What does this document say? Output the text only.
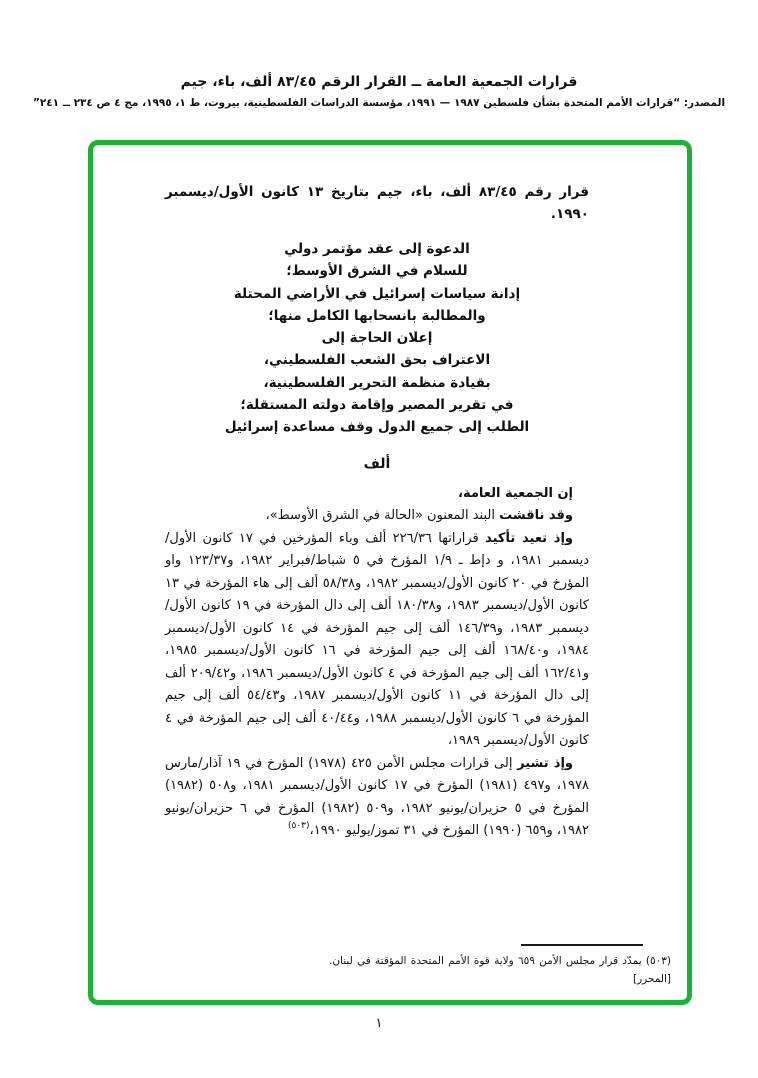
قرارات الجمعية العامة ــ القرار الرقم ٨٣/٤٥ ألف، باء، جيم
المصدر: “قرارات الأمم المتحدة بشأن فلسطين ١٩٨٧ — ١٩٩١، مؤسسة الدراسات الفلسطينية، بيروت، ط ١، ١٩٩٥، مج ٤ ص ٢٣٤ ــ ٢٤١”
قرار رقم ٨٣/٤٥ ألف، باء، جيم بتاريخ ١٣ كانون الأول/ديسمبر ١٩٩٠.
الدعوة إلى عقد مؤتمر دولي
للسلام في الشرق الأوسط؛
إدانة سياسات إسرائيل في الأراضي المحتلة
والمطالبة بانسحابها الكامل منها؛
إعلان الحاجة إلى
الاعتراف بحق الشعب الفلسطيني،
بقيادة منظمة التحرير الفلسطينية،
في تقرير المصير وإقامة دولته المستقلة؛
الطلب إلى جميع الدول وقف مساعدة إسرائيل
ألف

إن الجمعية العامة،

وقد ناقشت البند المعنون «الحالة في الشرق الأوسط»،

وإذ تعيد تأكيد قراراتها ٢٢٦/٣٦ ألف وباء المؤرخين في ١٧ كانون الأول/ديسمبر ١٩٨١، و دإط ـ ١/٩ المؤرخ في ٥ شباط/فبراير ١٩٨٢، و١٢٣/٣٧ واو المؤرخ في ٢٠ كانون الأول/ديسمبر ١٩٨٢، و٥٨/٣٨ ألف إلى هاء المؤرخة في ١٣ كانون الأول/ديسمبر ١٩٨٣، و١٨٠/٣٨ ألف إلى دال المؤرخة في ١٩ كانون الأول/ديسمبر ١٩٨٣، و١٤٦/٣٩ ألف إلى جيم المؤرخة في ١٤ كانون الأول/ديسمبر ١٩٨٤، و١٦٨/٤٠ ألف إلى جيم المؤرخة في ١٦ كانون الأول/ديسمبر ١٩٨٥، و١٦٢/٤١ ألف إلى جيم المؤرخة في ٤ كانون الأول/ديسمبر ١٩٨٦، و٢٠٩/٤٢ ألف إلى دال المؤرخة في ١١ كانون الأول/ديسمبر ١٩٨٧، و٥٤/٤٣ ألف إلى جيم المؤرخة في ٦ كانون الأول/ديسمبر ١٩٨٨، و٤٠/٤٤ ألف إلى جيم المؤرخة في ٤ كانون الأول/ديسمبر ١٩٨٩،

وإذ تشير إلى قرارات مجلس الأمن ٤٢٥ (١٩٧٨) المؤرخ في ١٩ آذار/مارس ١٩٧٨، و٤٩٧ (١٩٨١) المؤرخ في ١٧ كانون الأول/ديسمبر ١٩٨١، و٥٠٨ (١٩٨٢) المؤرخ في ٥ حزيران/يونيو ١٩٨٢، و٥٠٩ (١٩٨٢) المؤرخ في ٦ حزيران/يونيو ١٩٨٢، و٦٥٩ (١٩٩٠) المؤرخ في ٣١ تموز/يوليو ١٩٩٠،$^{(٥٠٣)}$

(٥٠٣) يمدّد قرار مجلس الأمن ٦٥٩ ولاية قوة الأمم المتحدة المؤقتة في لبنان. [المحرر]
١
